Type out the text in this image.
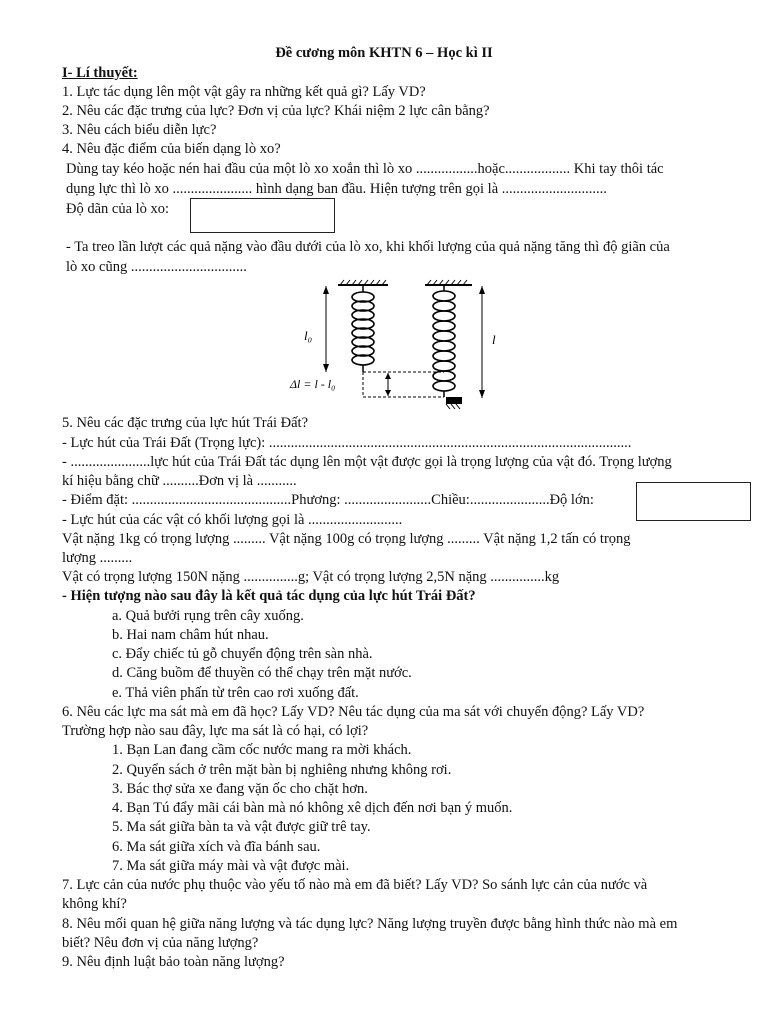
Đề cương môn KHTN 6 – Học kì II
I- Lí thuyết:
1. Lực tác dụng lên một vật gây ra những kết quả gì? Lấy VD?
2. Nêu các đặc trưng của lực? Đơn vị của lực? Khái niệm 2 lực cân bằng?
3. Nêu cách biểu diễn lực?
4. Nêu đặc điểm của biến dạng lò xo?
Dùng tay kéo hoặc nén hai đầu của một lò xo xoắn thì lò xo .................hoặc.................. Khi tay thôi tác
dụng lực thì lò xo ...................... hình dạng ban đầu. Hiện tượng trên gọi là .............................
Độ dãn của lò xo:
- Ta treo lần lượt các quả nặng vào đầu dưới của lò xo, khi khối lượng của quả nặng tăng thì độ giãn của
lò xo cũng ................................
l₀	l
Δl = l - l₀
5. Nêu các đặc trưng của lực hút Trái Đất?
- Lực hút của Trái Đất (Trọng lực): ....................................................................................................
- ......................lực hút của Trái Đất tác dụng lên một vật được gọi là trọng lượng của vật đó. Trọng lượng
kí hiệu bằng chữ ..........Đơn vị là ...........
- Điểm đặt: ............................................Phương: ........................Chiều:......................Độ lớn:
- Lực hút của các vật có khối lượng gọi là ..........................
Vật nặng 1kg có trọng lượng ......... Vật nặng 100g có trọng lượng ......... Vật nặng 1,2 tấn có trọng
lượng .........
Vật có trọng lượng 150N nặng ...............g; Vật có trọng lượng 2,5N nặng ...............kg
- Hiện tượng nào sau đây là kết quả tác dụng của lực hút Trái Đất?
a. Quả bưởi rụng trên cây xuống.
b. Hai nam châm hút nhau.
c. Đẩy chiếc tủ gỗ chuyển động trên sàn nhà.
d. Căng buồm để thuyền có thể chạy trên mặt nước.
e. Thả viên phấn từ trên cao rơi xuống đất.
6. Nêu các lực ma sát mà em đã học? Lấy VD? Nêu tác dụng của ma sát với chuyển động? Lấy VD?
Trường hợp nào sau đây, lực ma sát là có hại, có lợi?
1. Bạn Lan đang cầm cốc nước mang ra mời khách.
2. Quyển sách ở trên mặt bàn bị nghiêng nhưng không rơi.
3. Bác thợ sửa xe đang vặn ốc cho chặt hơn.
4. Bạn Tú đẩy mãi cái bàn mà nó không xê dịch đến nơi bạn ý muốn.
5. Ma sát giữa bàn ta và vật được giữ trê tay.
6. Ma sát giữa xích và đĩa bánh sau.
7. Ma sát giữa máy mài và vật được mài.
7. Lực cản của nước phụ thuộc vào yếu tố nào mà em đã biết? Lấy VD? So sánh lực cản của nước và
không khí?
8. Nêu mối quan hệ giữa năng lượng và tác dụng lực? Năng lượng truyền được bằng hình thức nào mà em
biết? Nêu đơn vị của năng lượng?
9. Nêu định luật bảo toàn năng lượng?
